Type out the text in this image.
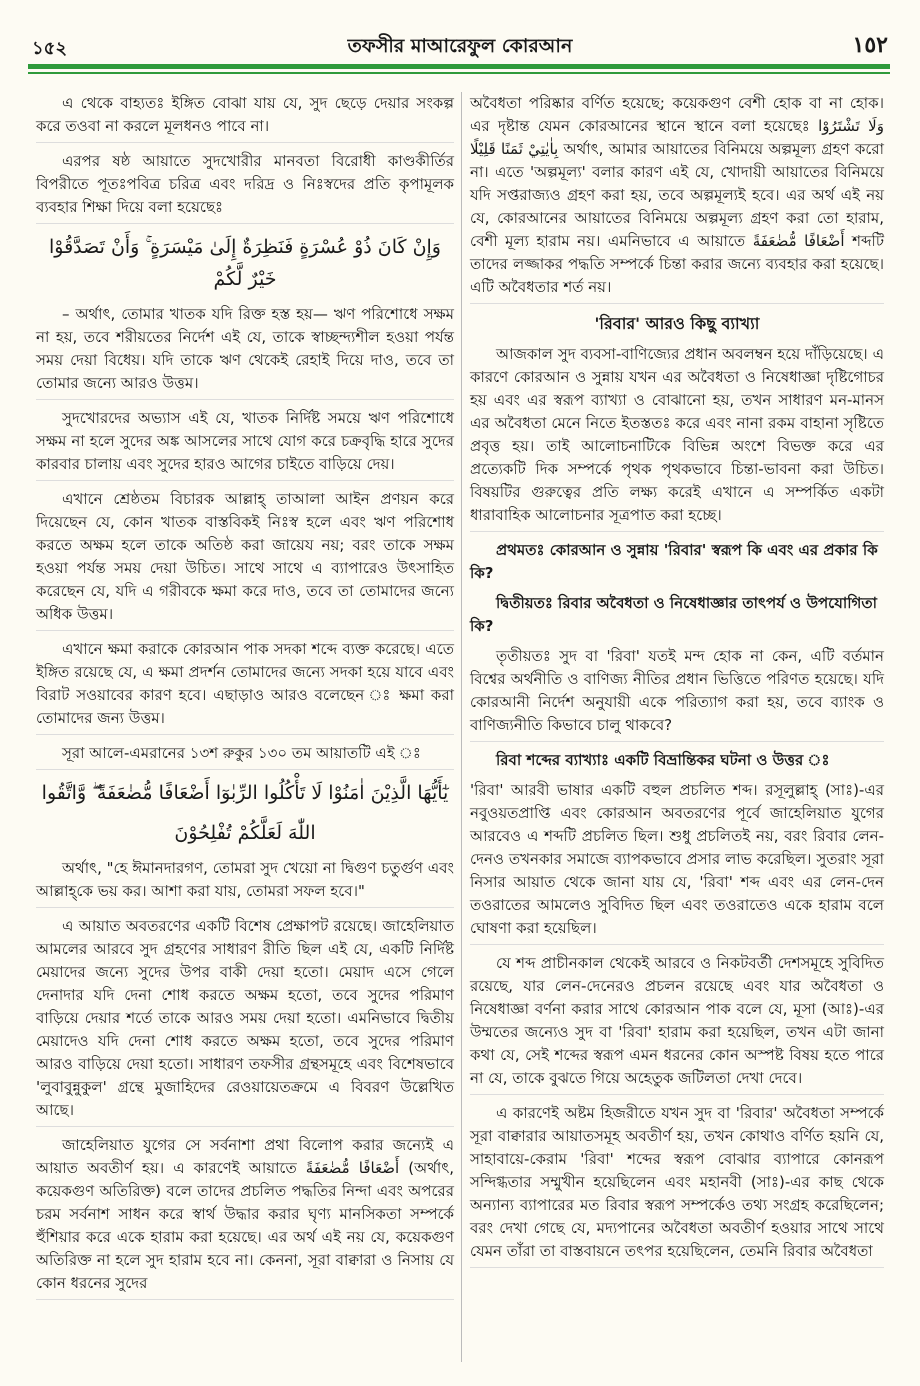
১৫২	তফসীর মাআরেফুল কোরআন	١٥٢

এ থেকে বাহ্যতঃ ইঙ্গিত বোঝা যায় যে, সুদ ছেড়ে দেয়ার সংকল্প করে তওবা না করলে মূলধনও পাবে না।

এরপর ষষ্ঠ আয়াতে সুদখোরীর মানবতা বিরোধী কাণ্ডকীর্তির বিপরীতে পূতঃপবিত্র চরিত্র এবং দরিদ্র ও নিঃস্বদের প্রতি কৃপামূলক ব্যবহার শিক্ষা দিয়ে বলা হয়েছেঃ

وَإِنْ كَانَ ذُوْ عُسْرَةٍ فَنَظِرَةٌ إِلَىٰ مَيْسَرَةٍ ۚ وَأَنْ تَصَدَّقُوْا خَيْرٌ لَّكُمْ

– অর্থাৎ, তোমার খাতক যদি রিক্ত হস্ত হয়— ঋণ পরিশোধে সক্ষম না হয়, তবে শরীয়তের নির্দেশ এই যে, তাকে স্বাচ্ছন্দ্যশীল হওয়া পর্যন্ত সময় দেয়া বিধেয়। যদি তাকে ঋণ থেকেই রেহাই দিয়ে দাও, তবে তা তোমার জন্যে আরও উত্তম।

সুদখোরদের অভ্যাস এই যে, খাতক নির্দিষ্ট সময়ে ঋণ পরিশোধে সক্ষম না হলে সুদের অঙ্ক আসলের সাথে যোগ করে চক্রবৃদ্ধি হারে সুদের কারবার চালায় এবং সুদের হারও আগের চাইতে বাড়িয়ে দেয়।

এখানে শ্রেষ্ঠতম বিচারক আল্লাহ্ তাআলা আইন প্রণয়ন করে দিয়েছেন যে, কোন খাতক বাস্তবিকই নিঃস্ব হলে এবং ঋণ পরিশোধ করতে অক্ষম হলে তাকে অতিষ্ঠ করা জায়েয নয়; বরং তাকে সক্ষম হওয়া পর্যন্ত সময় দেয়া উচিত। সাথে সাথে এ ব্যাপারেও উৎসাহিত করেছেন যে, যদি এ গরীবকে ক্ষমা করে দাও, তবে তা তোমাদের জন্যে অধিক উত্তম।

এখানে ক্ষমা করাকে কোরআন পাক সদকা শব্দে ব্যক্ত করেছে। এতে ইঙ্গিত রয়েছে যে, এ ক্ষমা প্রদর্শন তোমাদের জন্যে সদকা হয়ে যাবে এবং বিরাট সওয়াবের কারণ হবে। এছাড়াও আরও বলেছেন ঃ ক্ষমা করা তোমাদের জন্য উত্তম।

সূরা আলে-এমরানের ১৩শ রুকুর ১৩০ তম আয়াতটি এই ঃ

يٰٓأَيُّهَا الَّذِيْنَ اٰمَنُوْا لَا تَأْكُلُوا الرِّبٰوٓا أَضْعَافًا مُّضٰعَفَةً ۖ وَّاتَّقُوا
اللّٰهَ لَعَلَّكُمْ تُفْلِحُوْنَ

অর্থাৎ, "হে ঈমানদারগণ, তোমরা সুদ খেয়ো না দ্বিগুণ চতুর্গুণ এবং আল্লাহ্‌কে ভয় কর। আশা করা যায়, তোমরা সফল হবে।"

এ আয়াত অবতরণের একটি বিশেষ প্রেক্ষাপট রয়েছে। জাহেলিয়াত আমলের আরবে সুদ গ্রহণের সাধারণ রীতি ছিল এই যে, একটি নির্দিষ্ট মেয়াদের জন্যে সুদের উপর বাকী দেয়া হতো। মেয়াদ এসে গেলে দেনাদার যদি দেনা শোধ করতে অক্ষম হতো, তবে সুদের পরিমাণ বাড়িয়ে দেয়ার শর্তে তাকে আরও সময় দেয়া হতো। এমনিভাবে দ্বিতীয় মেয়াদেও যদি দেনা শোধ করতে অক্ষম হতো, তবে সুদের পরিমাণ আরও বাড়িয়ে দেয়া হতো। সাধারণ তফসীর গ্রন্থসমূহে এবং বিশেষভাবে 'লুবাবুন্নুকুল' গ্রন্থে মুজাহিদের রেওয়ায়েতক্রমে এ বিবরণ উল্লেখিত আছে।

জাহেলিয়াত যুগের সে সর্বনাশা প্রথা বিলোপ করার জন্যেই এ আয়াত অবতীর্ণ হয়। এ কারণেই আয়াতে أَضْعَافًا مُّضٰعَفَةً (অর্থাৎ, কয়েকগুণ অতিরিক্ত) বলে তাদের প্রচলিত পদ্ধতির নিন্দা এবং অপরের চরম সর্বনাশ সাধন করে স্বার্থ উদ্ধার করার ঘৃণ্য মানসিকতা সম্পর্কে হুঁশিয়ার করে একে হারাম করা হয়েছে। এর অর্থ এই নয় যে, কয়েকগুণ অতিরিক্ত না হলে সুদ হারাম হবে না। কেননা, সূরা বাক্বারা ও নিসায় যে কোন ধরনের সুদের

অবৈধতা পরিষ্কার বর্ণিত হয়েছে; কয়েকগুণ বেশী হোক বা না হোক। এর দৃষ্টান্ত যেমন কোরআনের স্থানে স্থানে বলা হয়েছেঃ وَلَا تَشْتَرُوْا بِاٰيٰتِيْ ثَمَنًا قَلِيْلًا অর্থাৎ, আমার আয়াতের বিনিময়ে অল্পমূল্য গ্রহণ করো না। এতে 'অল্পমূল্য' বলার কারণ এই যে, খোদায়ী আয়াতের বিনিময়ে যদি সপ্তরাজ্যও গ্রহণ করা হয়, তবে অল্পমূল্যই হবে। এর অর্থ এই নয় যে, কোরআনের আয়াতের বিনিময়ে অল্পমূল্য গ্রহণ করা তো হারাম, বেশী মূল্য হারাম নয়। এমনিভাবে এ আয়াতে أَضْعَافًا مُّضٰعَفَةً শব্দটি তাদের লজ্জাকর পদ্ধতি সম্পর্কে চিন্তা করার জন্যে ব্যবহার করা হয়েছে। এটি অবৈধতার শর্ত নয়।

'রিবার' আরও কিছু ব্যাখ্যা

আজকাল সুদ ব্যবসা-বাণিজ্যের প্রধান অবলম্বন হয়ে দাঁড়িয়েছে। এ কারণে কোরআন ও সুন্নায় যখন এর অবৈধতা ও নিষেধাজ্ঞা দৃষ্টিগোচর হয় এবং এর স্বরূপ ব্যাখ্যা ও বোঝানো হয়, তখন সাধারণ মন-মানস এর অবৈধতা মেনে নিতে ইতস্ততঃ করে এবং নানা রকম বাহানা সৃষ্টিতে প্রবৃত্ত হয়। তাই আলোচনাটিকে বিভিন্ন অংশে বিভক্ত করে এর প্রত্যেকটি দিক সম্পর্কে পৃথক পৃথকভাবে চিন্তা-ভাবনা করা উচিত। বিষয়টির গুরুত্বের প্রতি লক্ষ্য করেই এখানে এ সম্পর্কিত একটা ধারাবাহিক আলোচনার সূত্রপাত করা হচ্ছে।

প্রথমতঃ কোরআন ও সুন্নায় 'রিবার' স্বরূপ কি এবং এর প্রকার কি কি?

দ্বিতীয়তঃ রিবার অবৈধতা ও নিষেধাজ্ঞার তাৎপর্য ও উপযোগিতা কি?

তৃতীয়তঃ সুদ বা 'রিবা' যতই মন্দ হোক না কেন, এটি বর্তমান বিশ্বের অর্থনীতি ও বাণিজ্য নীতির প্রধান ভিত্তিতে পরিণত হয়েছে। যদি কোরআনী নির্দেশ অনুযায়ী একে পরিত্যাগ করা হয়, তবে ব্যাংক ও বাণিজ্যনীতি কিভাবে চালু থাকবে?

রিবা শব্দের ব্যাখ্যাঃ একটি বিভ্রান্তিকর ঘটনা ও উত্তর ঃ

'রিবা' আরবী ভাষার একটি বহুল প্রচলিত শব্দ। রসূলুল্লাহ্ (সাঃ)-এর নবুওয়তপ্রাপ্তি এবং কোরআন অবতরণের পূর্বে জাহেলিয়াত যুগের আরবেও এ শব্দটি প্রচলিত ছিল। শুধু প্রচলিতই নয়, বরং রিবার লেন-দেনও তখনকার সমাজে ব্যাপকভাবে প্রসার লাভ করেছিল। সুতরাং সূরা নিসার আয়াত থেকে জানা যায় যে, 'রিবা' শব্দ এবং এর লেন-দেন তওরাতের আমলেও সুবিদিত ছিল এবং তওরাতেও একে হারাম বলে ঘোষণা করা হয়েছিল।

যে শব্দ প্রাচীনকাল থেকেই আরবে ও নিকটবর্তী দেশসমূহে সুবিদিত রয়েছে, যার লেন-দেনেরও প্রচলন রয়েছে এবং যার অবৈধতা ও নিষেধাজ্ঞা বর্ণনা করার সাথে কোরআন পাক বলে যে, মূসা (আঃ)-এর উম্মতের জন্যেও সুদ বা 'রিবা' হারাম করা হয়েছিল, তখন এটা জানা কথা যে, সেই শব্দের স্বরূপ এমন ধরনের কোন অস্পষ্ট বিষয় হতে পারে না যে, তাকে বুঝতে গিয়ে অহেতুক জটিলতা দেখা দেবে।

এ কারণেই অষ্টম হিজরীতে যখন সুদ বা 'রিবার' অবৈধতা সম্পর্কে সূরা বাক্বারার আয়াতসমূহ অবতীর্ণ হয়, তখন কোথাও বর্ণিত হয়নি যে, সাহাবায়ে-কেরাম 'রিবা' শব্দের স্বরূপ বোঝার ব্যাপারে কোনরূপ সন্দিগ্ধতার সম্মুখীন হয়েছিলেন এবং মহানবী (সাঃ)-এর কাছ থেকে অন্যান্য ব্যাপারের মত রিবার স্বরূপ সম্পর্কেও তথ্য সংগ্রহ করেছিলেন; বরং দেখা গেছে যে, মদ্যপানের অবৈধতা অবতীর্ণ হওয়ার সাথে সাথে যেমন তাঁরা তা বাস্তবায়নে তৎপর হয়েছিলেন, তেমনি রিবার অবৈধতা
